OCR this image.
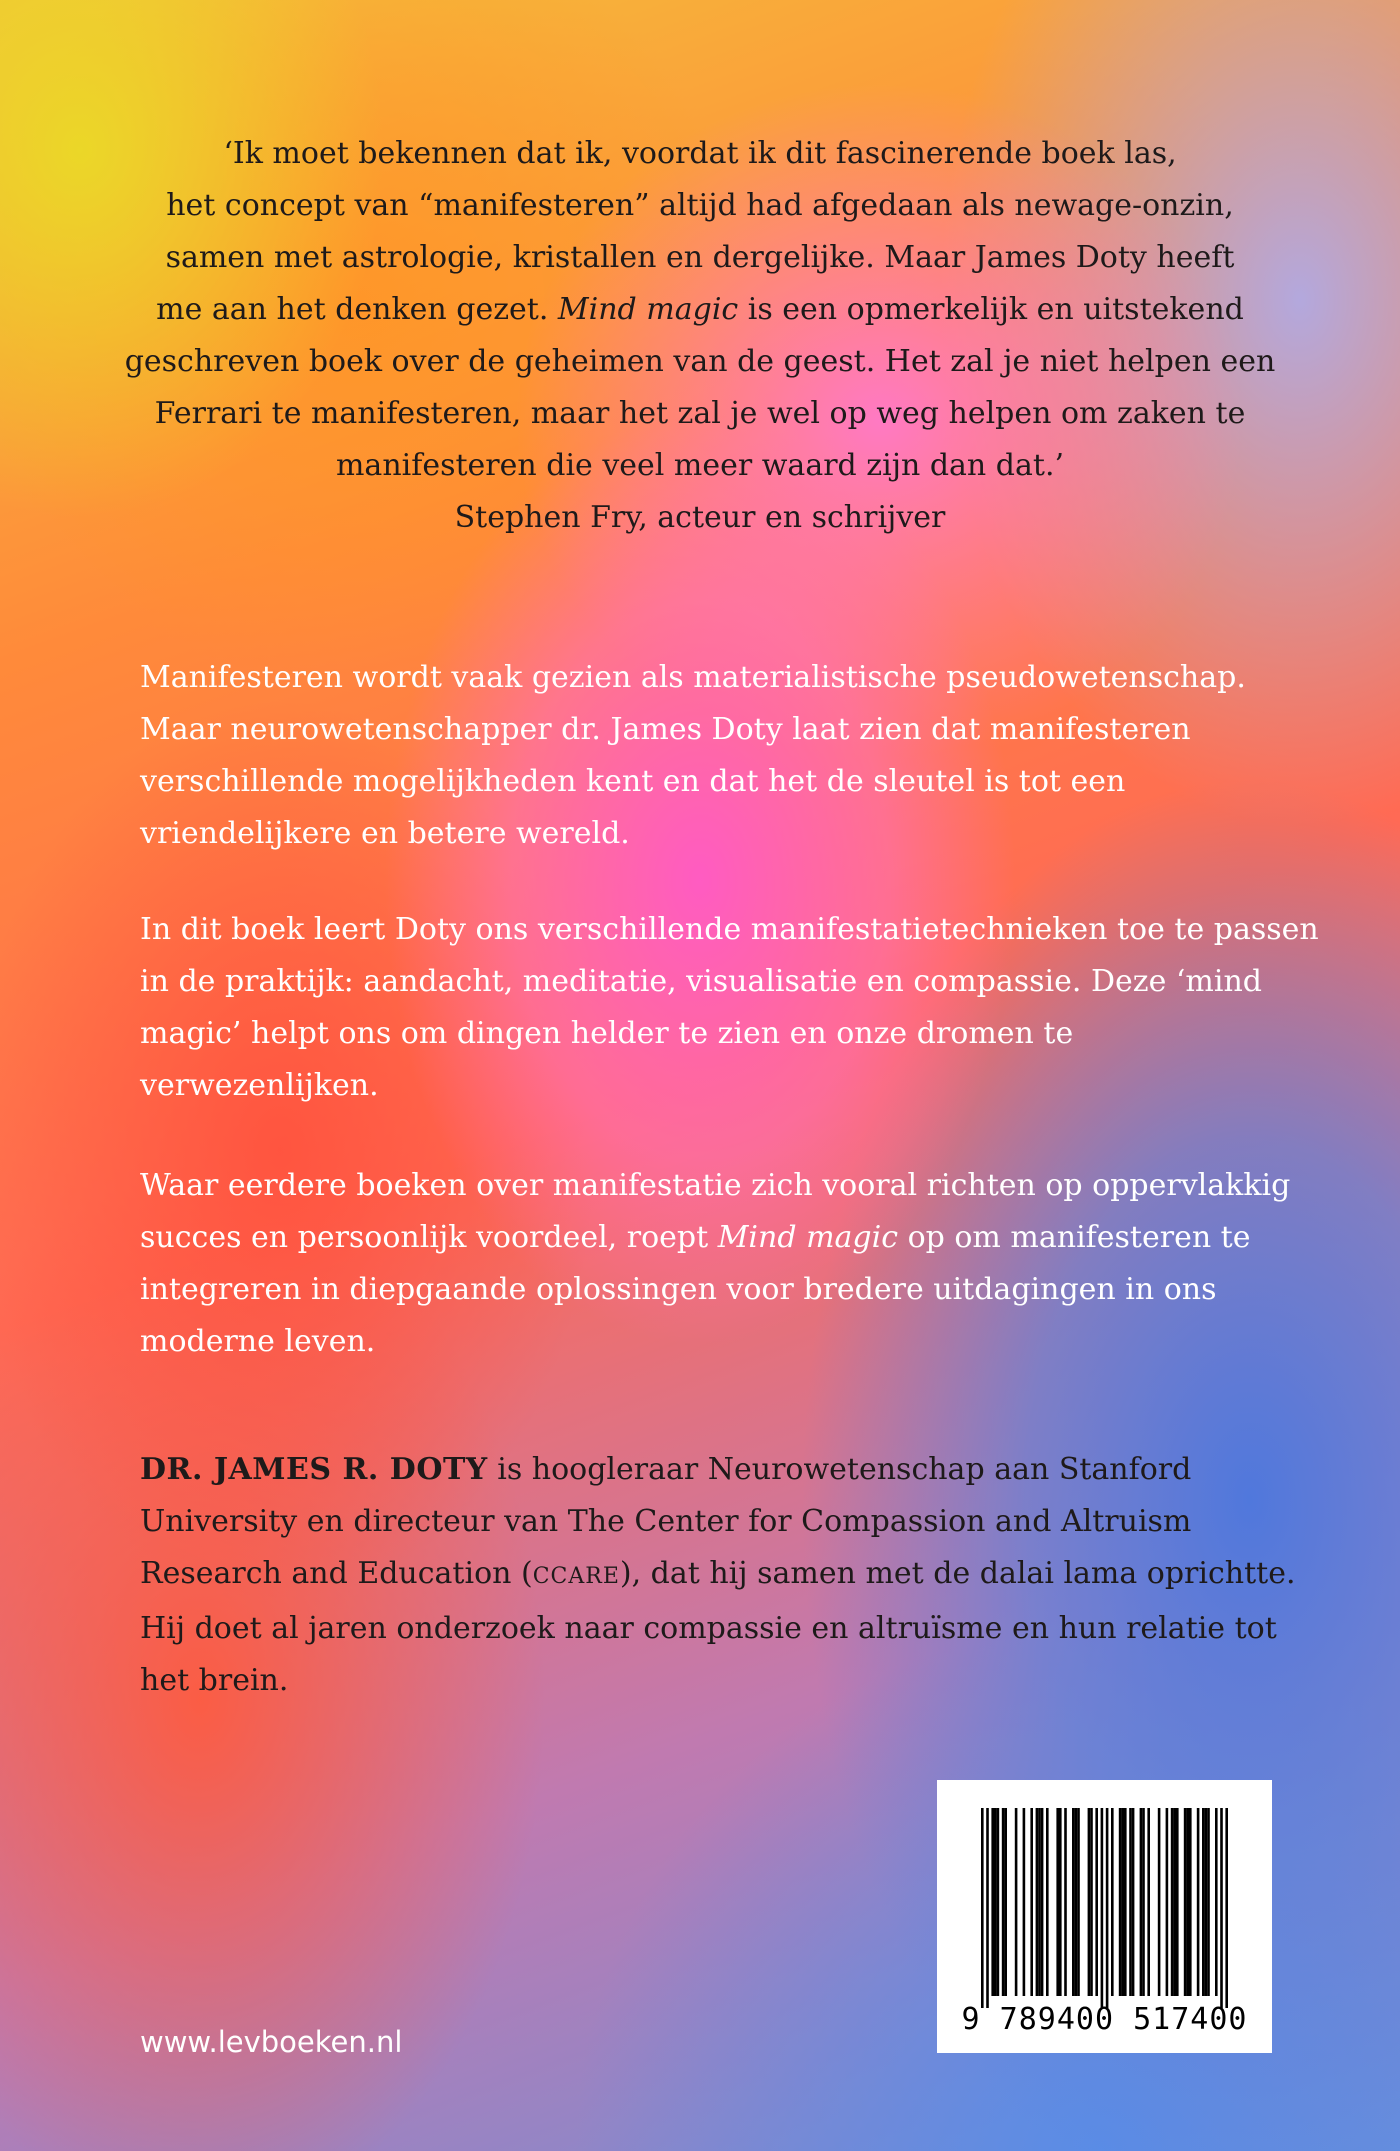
‘Ik moet bekennen dat ik, voordat ik dit fascinerende boek las,

het concept van “manifesteren” altijd had afgedaan als newage-onzin,

samen met astrologie, kristallen en dergelijke. Maar James Doty heeft

me aan het denken gezet. Mind magic is een opmerkelijk en uitstekend

geschreven boek over de geheimen van de geest. Het zal je niet helpen een

Ferrari te manifesteren, maar het zal je wel op weg helpen om zaken te

manifesteren die veel meer waard zijn dan dat.’

Stephen Fry, acteur en schrijver

Manifesteren wordt vaak gezien als materialistische pseudowetenschap. Maar neurowetenschapper dr. James Doty laat zien dat manifesteren verschillende mogelijkheden kent en dat het de sleutel is tot een vriendelijkere en betere wereld.

In dit boek leert Doty ons verschillende manifestatietechnieken toe te passen in de praktijk: aandacht, meditatie, visualisatie en compassie. Deze ‘mind magic’ helpt ons om dingen helder te zien en onze dromen te verwezenlijken.

Waar eerdere boeken over manifestatie zich vooral richten op oppervlakkig succes en persoonlijk voordeel, roept Mind magic op om manifesteren te integreren in diepgaande oplossingen voor bredere uitdagingen in ons moderne leven.

DR. JAMES R. DOTY is hoogleraar Neurowetenschap aan Stanford University en directeur van The Center for Compassion and Altruism Research and Education (CCARE), dat hij samen met de dalai lama oprichtte. Hij doet al jaren onderzoek naar compassie en altruïsme en hun relatie tot het brein.

www.levboeken.nl
9 789400 517400
